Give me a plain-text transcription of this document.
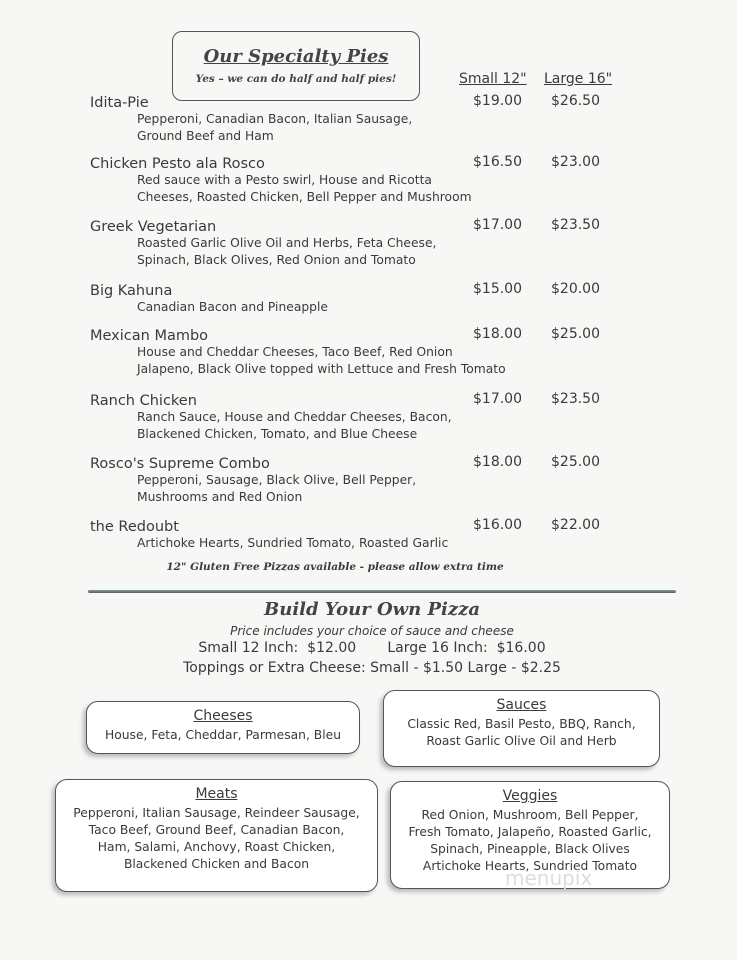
Our Specialty Pies
Yes – we can do half and half pies!	Small 12" Large 16"
Idita-Pie	$19.00 $26.50
Pepperoni, Canadian Bacon, Italian Sausage,
Ground Beef and Ham
Chicken Pesto ala Rosco	$16.50 $23.00
Red sauce with a Pesto swirl, House and Ricotta
Cheeses, Roasted Chicken, Bell Pepper and Mushroom
Greek Vegetarian	$17.00 $23.50
Roasted Garlic Olive Oil and Herbs, Feta Cheese,
Spinach, Black Olives, Red Onion and Tomato
Big Kahuna	$15.00 $20.00
Canadian Bacon and Pineapple
Mexican Mambo	$18.00 $25.00
House and Cheddar Cheeses, Taco Beef, Red Onion
Jalapeno, Black Olive topped with Lettuce and Fresh Tomato
Ranch Chicken	$17.00 $23.50
Ranch Sauce, House and Cheddar Cheeses, Bacon,
Blackened Chicken, Tomato, and Blue Cheese
Rosco's Supreme Combo	$18.00 $25.00
Pepperoni, Sausage, Black Olive, Bell Pepper,
Mushrooms and Red Onion
the Redoubt	$16.00 $22.00
Artichoke Hearts, Sundried Tomato, Roasted Garlic
12" Gluten Free Pizzas available - please allow extra time
Build Your Own Pizza
Price includes your choice of sauce and cheese
Small 12 Inch:  $12.00       Large 16 Inch:  $16.00
Toppings or Extra Cheese: Small - $1.50 Large - $2.25
Cheeses
House, Feta, Cheddar, Parmesan, Bleu
Sauces
Classic Red, Basil Pesto, BBQ, Ranch,
Roast Garlic Olive Oil and Herb
Meats
Pepperoni, Italian Sausage, Reindeer Sausage,
Taco Beef, Ground Beef, Canadian Bacon,
Ham, Salami, Anchovy, Roast Chicken,
Blackened Chicken and Bacon
Veggies
Red Onion, Mushroom, Bell Pepper,
Fresh Tomato, Jalapeño, Roasted Garlic,
Spinach, Pineapple, Black Olives
Artichoke Hearts, Sundried Tomato
menupix
